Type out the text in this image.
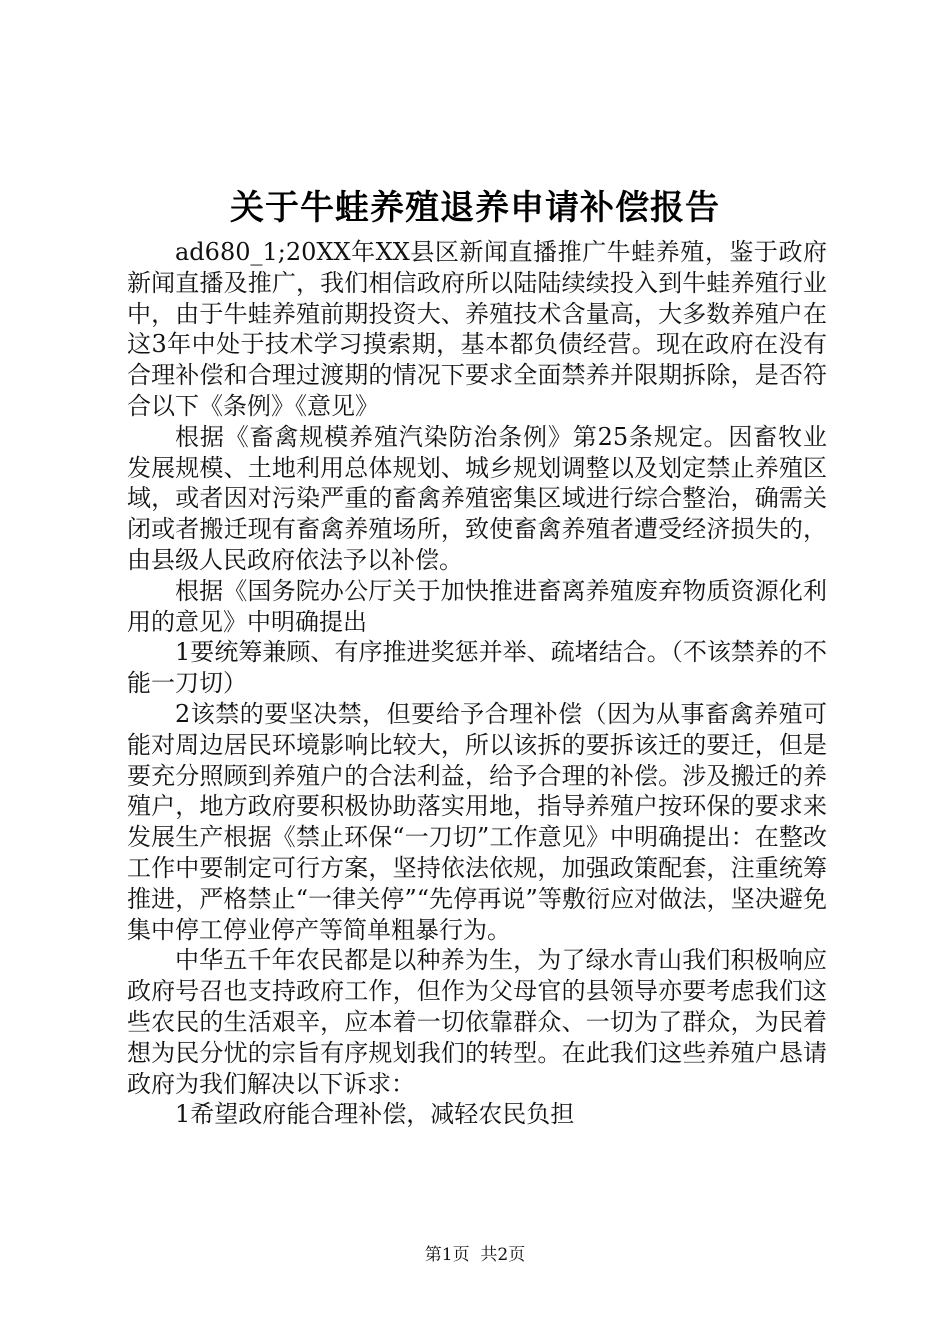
关于牛蛙养殖退养申请补偿报告

ad680_1;20XX年XX县区新闻直播推广牛蛙养殖，鉴于政府新闻直播及推广，我们相信政府所以陆陆续续投入到牛蛙养殖行业中，由于牛蛙养殖前期投资大、养殖技术含量高，大多数养殖户在这3年中处于技术学习摸索期，基本都负债经营。现在政府在没有合理补偿和合理过渡期的情况下要求全面禁养并限期拆除，是否符合以下《条例》《意见》

根据《畜禽规模养殖汽染防治条例》第25条规定。因畜牧业发展规模、土地利用总体规划、城乡规划调整以及划定禁止养殖区域，或者因对污染严重的畜禽养殖密集区域进行综合整治，确需关闭或者搬迁现有畜禽养殖场所，致使畜禽养殖者遭受经济损失的，由县级人民政府依法予以补偿。

根据《国务院办公厅关于加快推进畜离养殖废弃物质资源化利用的意见》中明确提出

1要统筹兼顾、有序推进奖惩并举、疏堵结合。（不该禁养的不能一刀切）

2该禁的要坚决禁，但要给予合理补偿（因为从事畜禽养殖可能对周边居民环境影响比较大，所以该拆的要拆该迁的要迁，但是要充分照顾到养殖户的合法利益，给予合理的补偿。涉及搬迁的养殖户，地方政府要积极协助落实用地，指导养殖户按环保的要求来发展生产根据《禁止环保“一刀切”工作意见》中明确提出：在整改工作中要制定可行方案，坚持依法依规，加强政策配套，注重统筹推进，严格禁止“一律关停”“先停再说”等敷衍应对做法，坚决避免集中停工停业停产等简单粗暴行为。

中华五千年农民都是以种养为生，为了绿水青山我们积极响应政府号召也支持政府工作，但作为父母官的县领导亦要考虑我们这些农民的生活艰辛，应本着一切依靠群众、一切为了群众，为民着想为民分忧的宗旨有序规划我们的转型。在此我们这些养殖户恳请政府为我们解决以下诉求：

1希望政府能合理补偿，减轻农民负担

第1页 共2页
